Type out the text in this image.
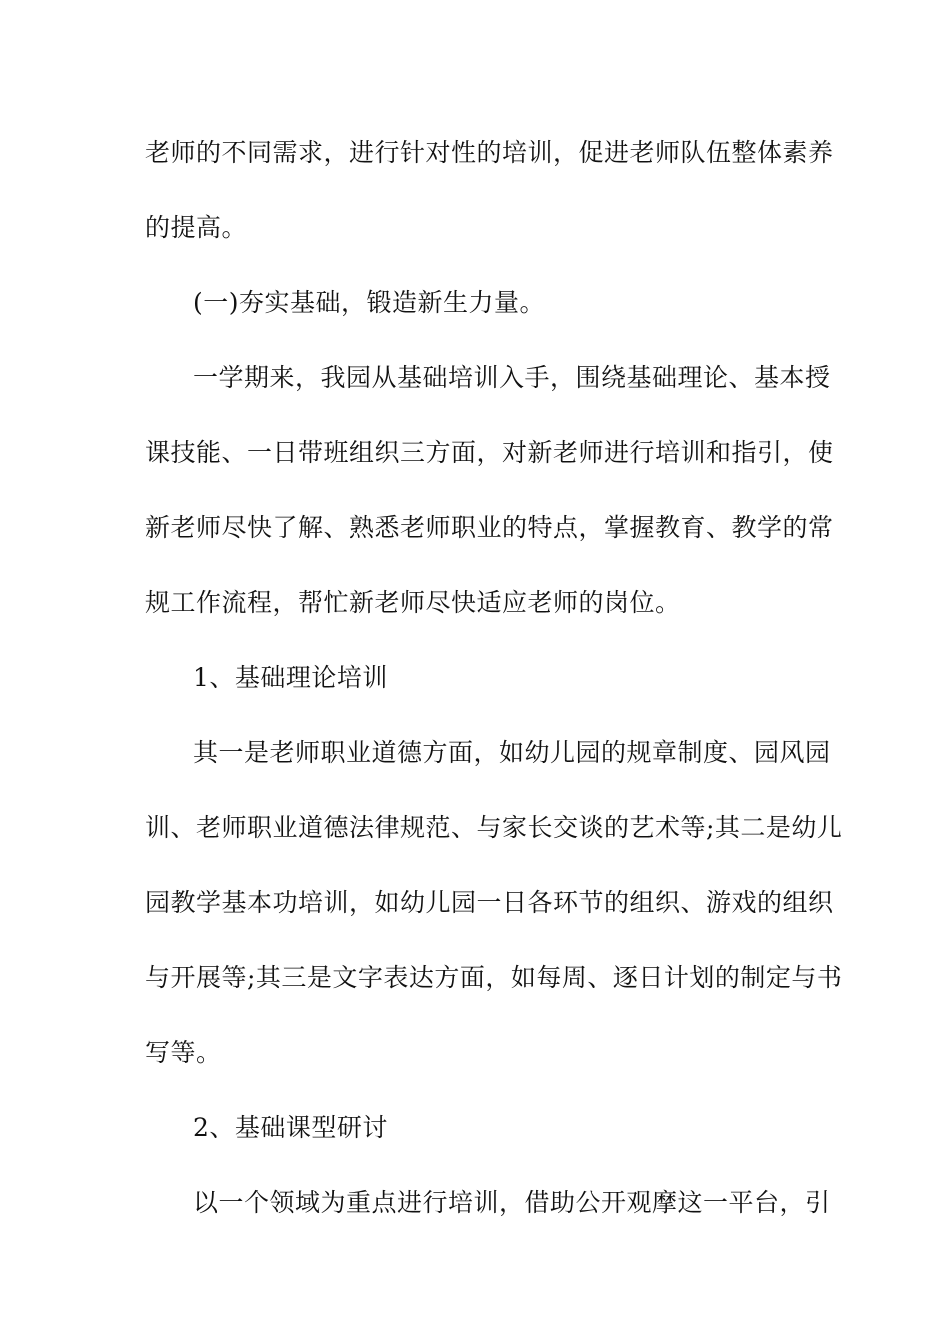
老师的不同需求，进行针对性的培训，促进老师队伍整体素养
的提高。
(一)夯实基础，锻造新生力量。
一学期来，我园从基础培训入手，围绕基础理论、基本授
课技能、一日带班组织三方面，对新老师进行培训和指引，使
新老师尽快了解、熟悉老师职业的特点，掌握教育、教学的常
规工作流程，帮忙新老师尽快适应老师的岗位。
1、基础理论培训
其一是老师职业道德方面，如幼儿园的规章制度、园风园
训、老师职业道德法律规范、与家长交谈的艺术等;其二是幼儿
园教学基本功培训，如幼儿园一日各环节的组织、游戏的组织
与开展等;其三是文字表达方面，如每周、逐日计划的制定与书
写等。
2、基础课型研讨
以一个领域为重点进行培训，借助公开观摩这一平台，引
